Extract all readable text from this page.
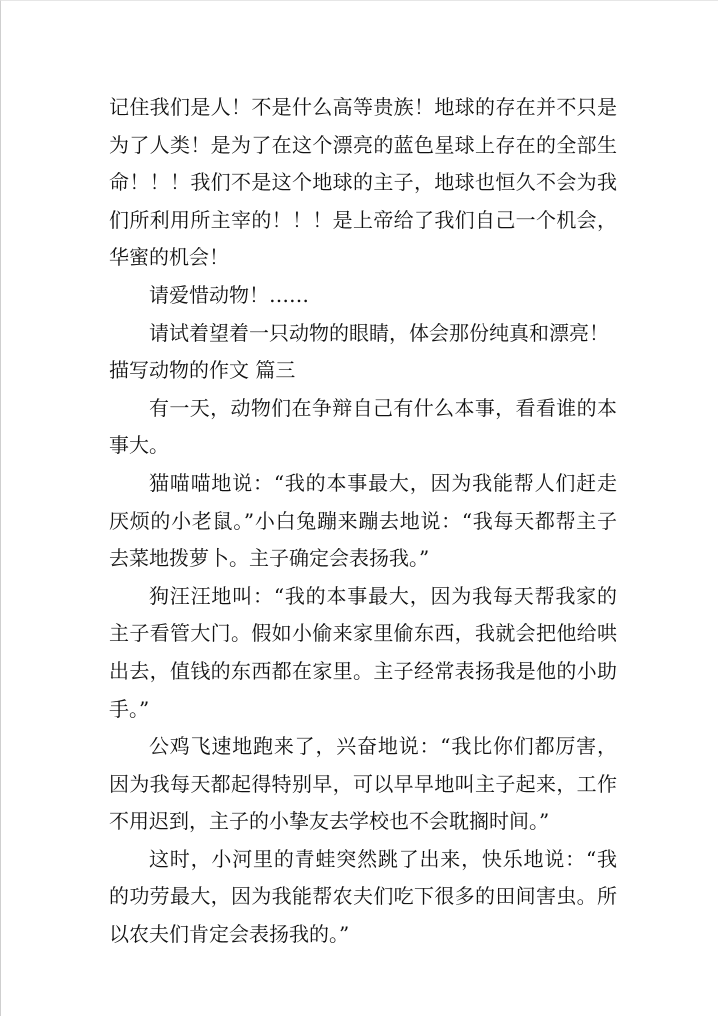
记住我们是人！不是什么高等贵族！地球的存在并不只是为了人类！是为了在这个漂亮的蓝色星球上存在的全部生命！！！我们不是这个地球的主子，地球也恒久不会为我们所利用所主宰的！！！是上帝给了我们自己一个机会，华蜜的机会！

请爱惜动物！……

请试着望着一只动物的眼睛，体会那份纯真和漂亮！

描写动物的作文 篇三

有一天，动物们在争辩自己有什么本事，看看谁的本事大。

猫喵喵地说：“我的本事最大，因为我能帮人们赶走厌烦的小老鼠。”小白兔蹦来蹦去地说：“我每天都帮主子去菜地拨萝卜。主子确定会表扬我。”

狗汪汪地叫：“我的本事最大，因为我每天帮我家的主子看管大门。假如小偷来家里偷东西，我就会把他给哄出去，值钱的东西都在家里。主子经常表扬我是他的小助手。”

公鸡飞速地跑来了，兴奋地说：“我比你们都厉害，因为我每天都起得特别早，可以早早地叫主子起来，工作不用迟到，主子的小挚友去学校也不会耽搁时间。”

这时，小河里的青蛙突然跳了出来，快乐地说：“我的功劳最大，因为我能帮农夫们吃下很多的田间害虫。所以农夫们肯定会表扬我的。”
